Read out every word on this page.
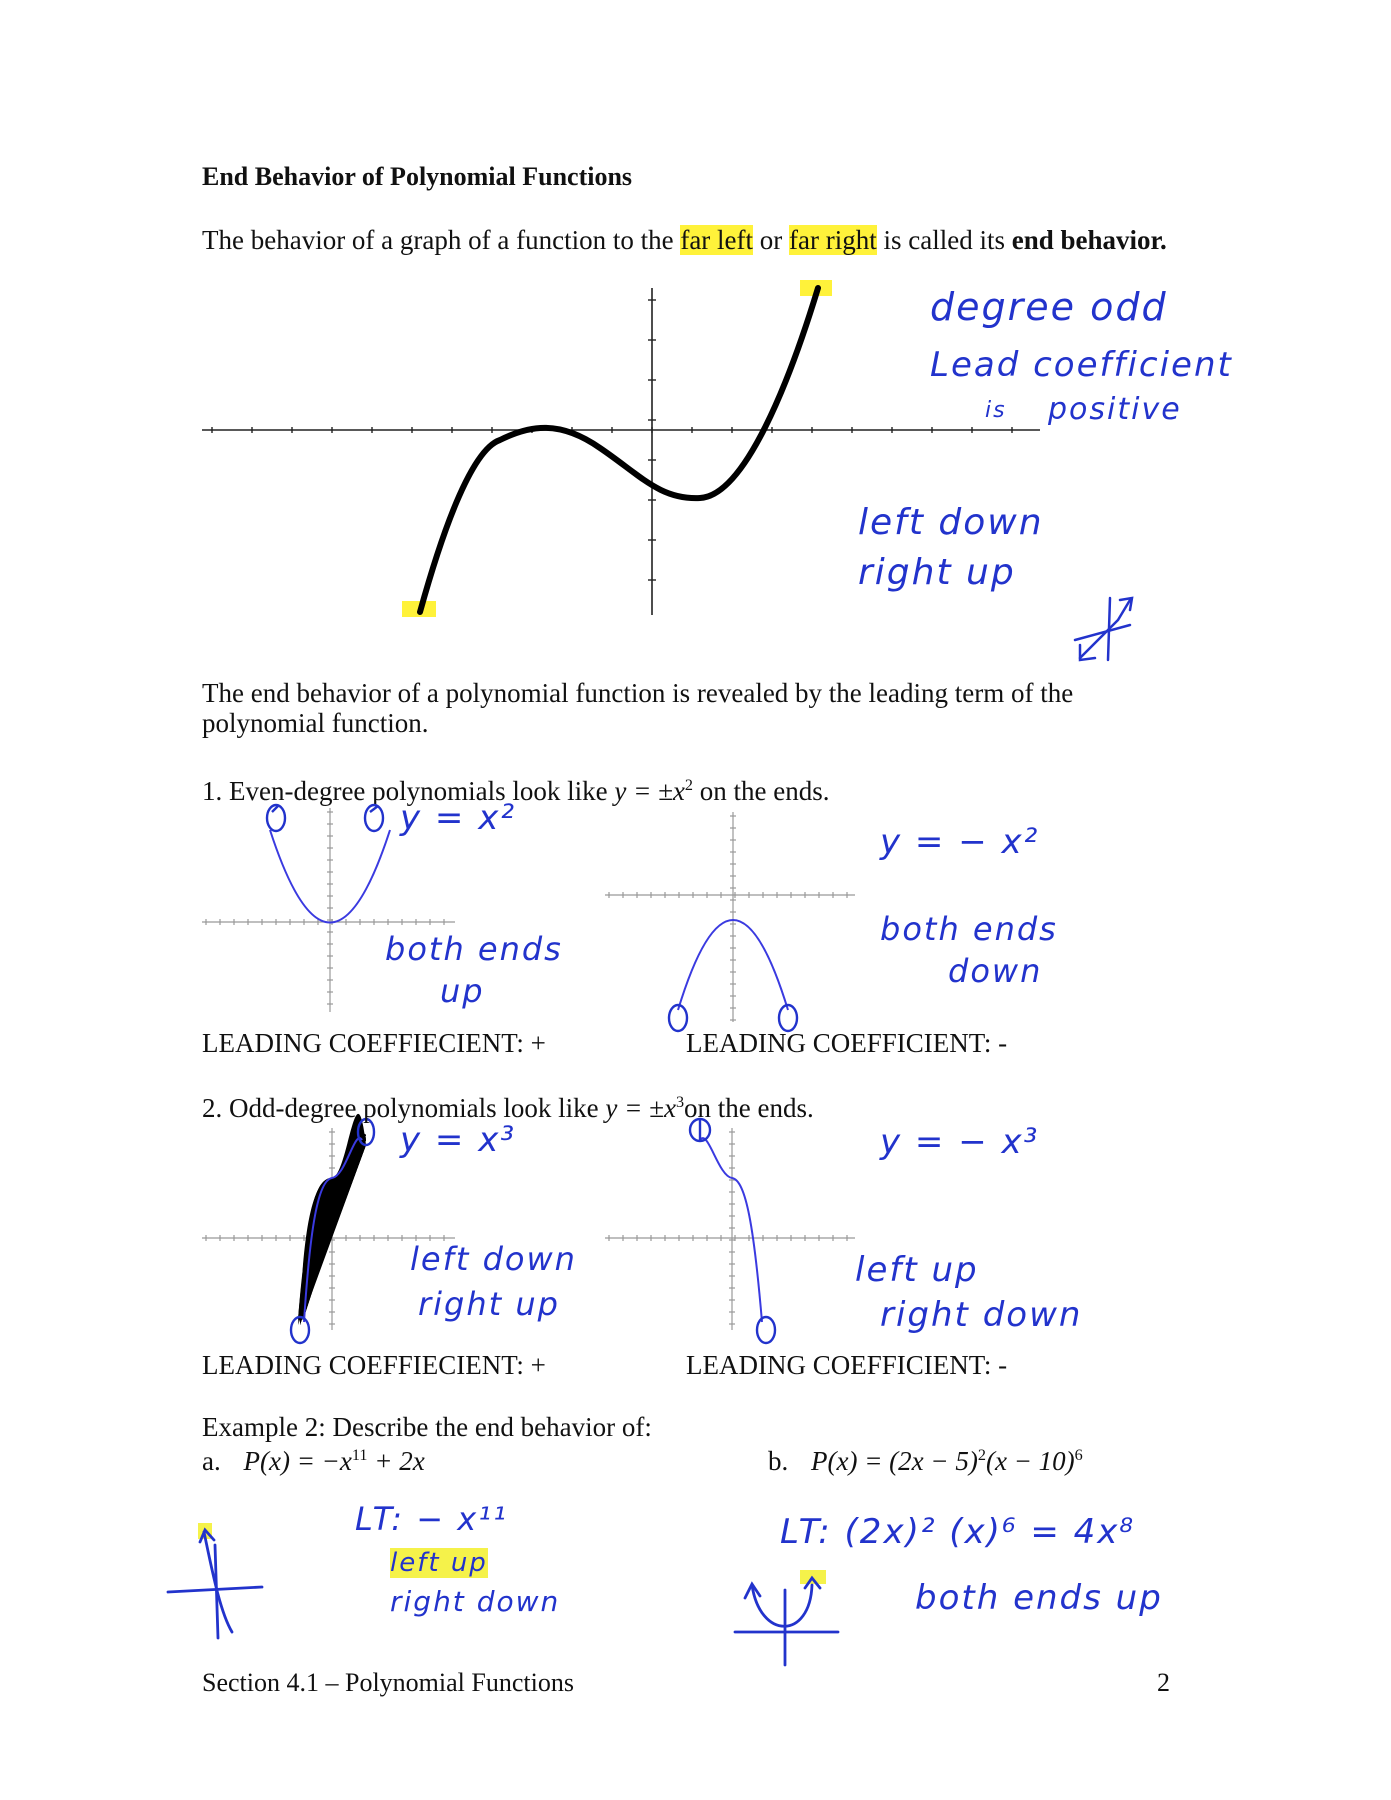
End Behavior of Polynomial Functions
The behavior of a graph of a function to the far left or far right is called its end behavior.
degree odd
Lead coefficient
is positive
left down
right up
The end behavior of a polynomial function is revealed by the leading term of the
polynomial function.
1. Even-degree polynomials look like $y = \pm x^2$ on the ends.
y = x²
both ends
up
LEADING COEFFIECIENT: +
y = − x²
both ends
down
LEADING COEFFICIENT: -
2. Odd-degree polynomials look like $y = \pm x^3on$ the ends.
y = x³
left down
right up
LEADING COEFFIECIENT: +
y = − x³
left up
right down
LEADING COEFFICIENT: -
Example 2: Describe the end behavior of:
a. $P(x) = -x^{11} + 2x$	b. $P(x) = (2x - 5)^2(x - 10)^6$
LT: − x¹¹
left up
right down
LT: (2x)² (x)⁶ = 4x⁸
both ends up
Section 4.1 – Polynomial Functions	2
